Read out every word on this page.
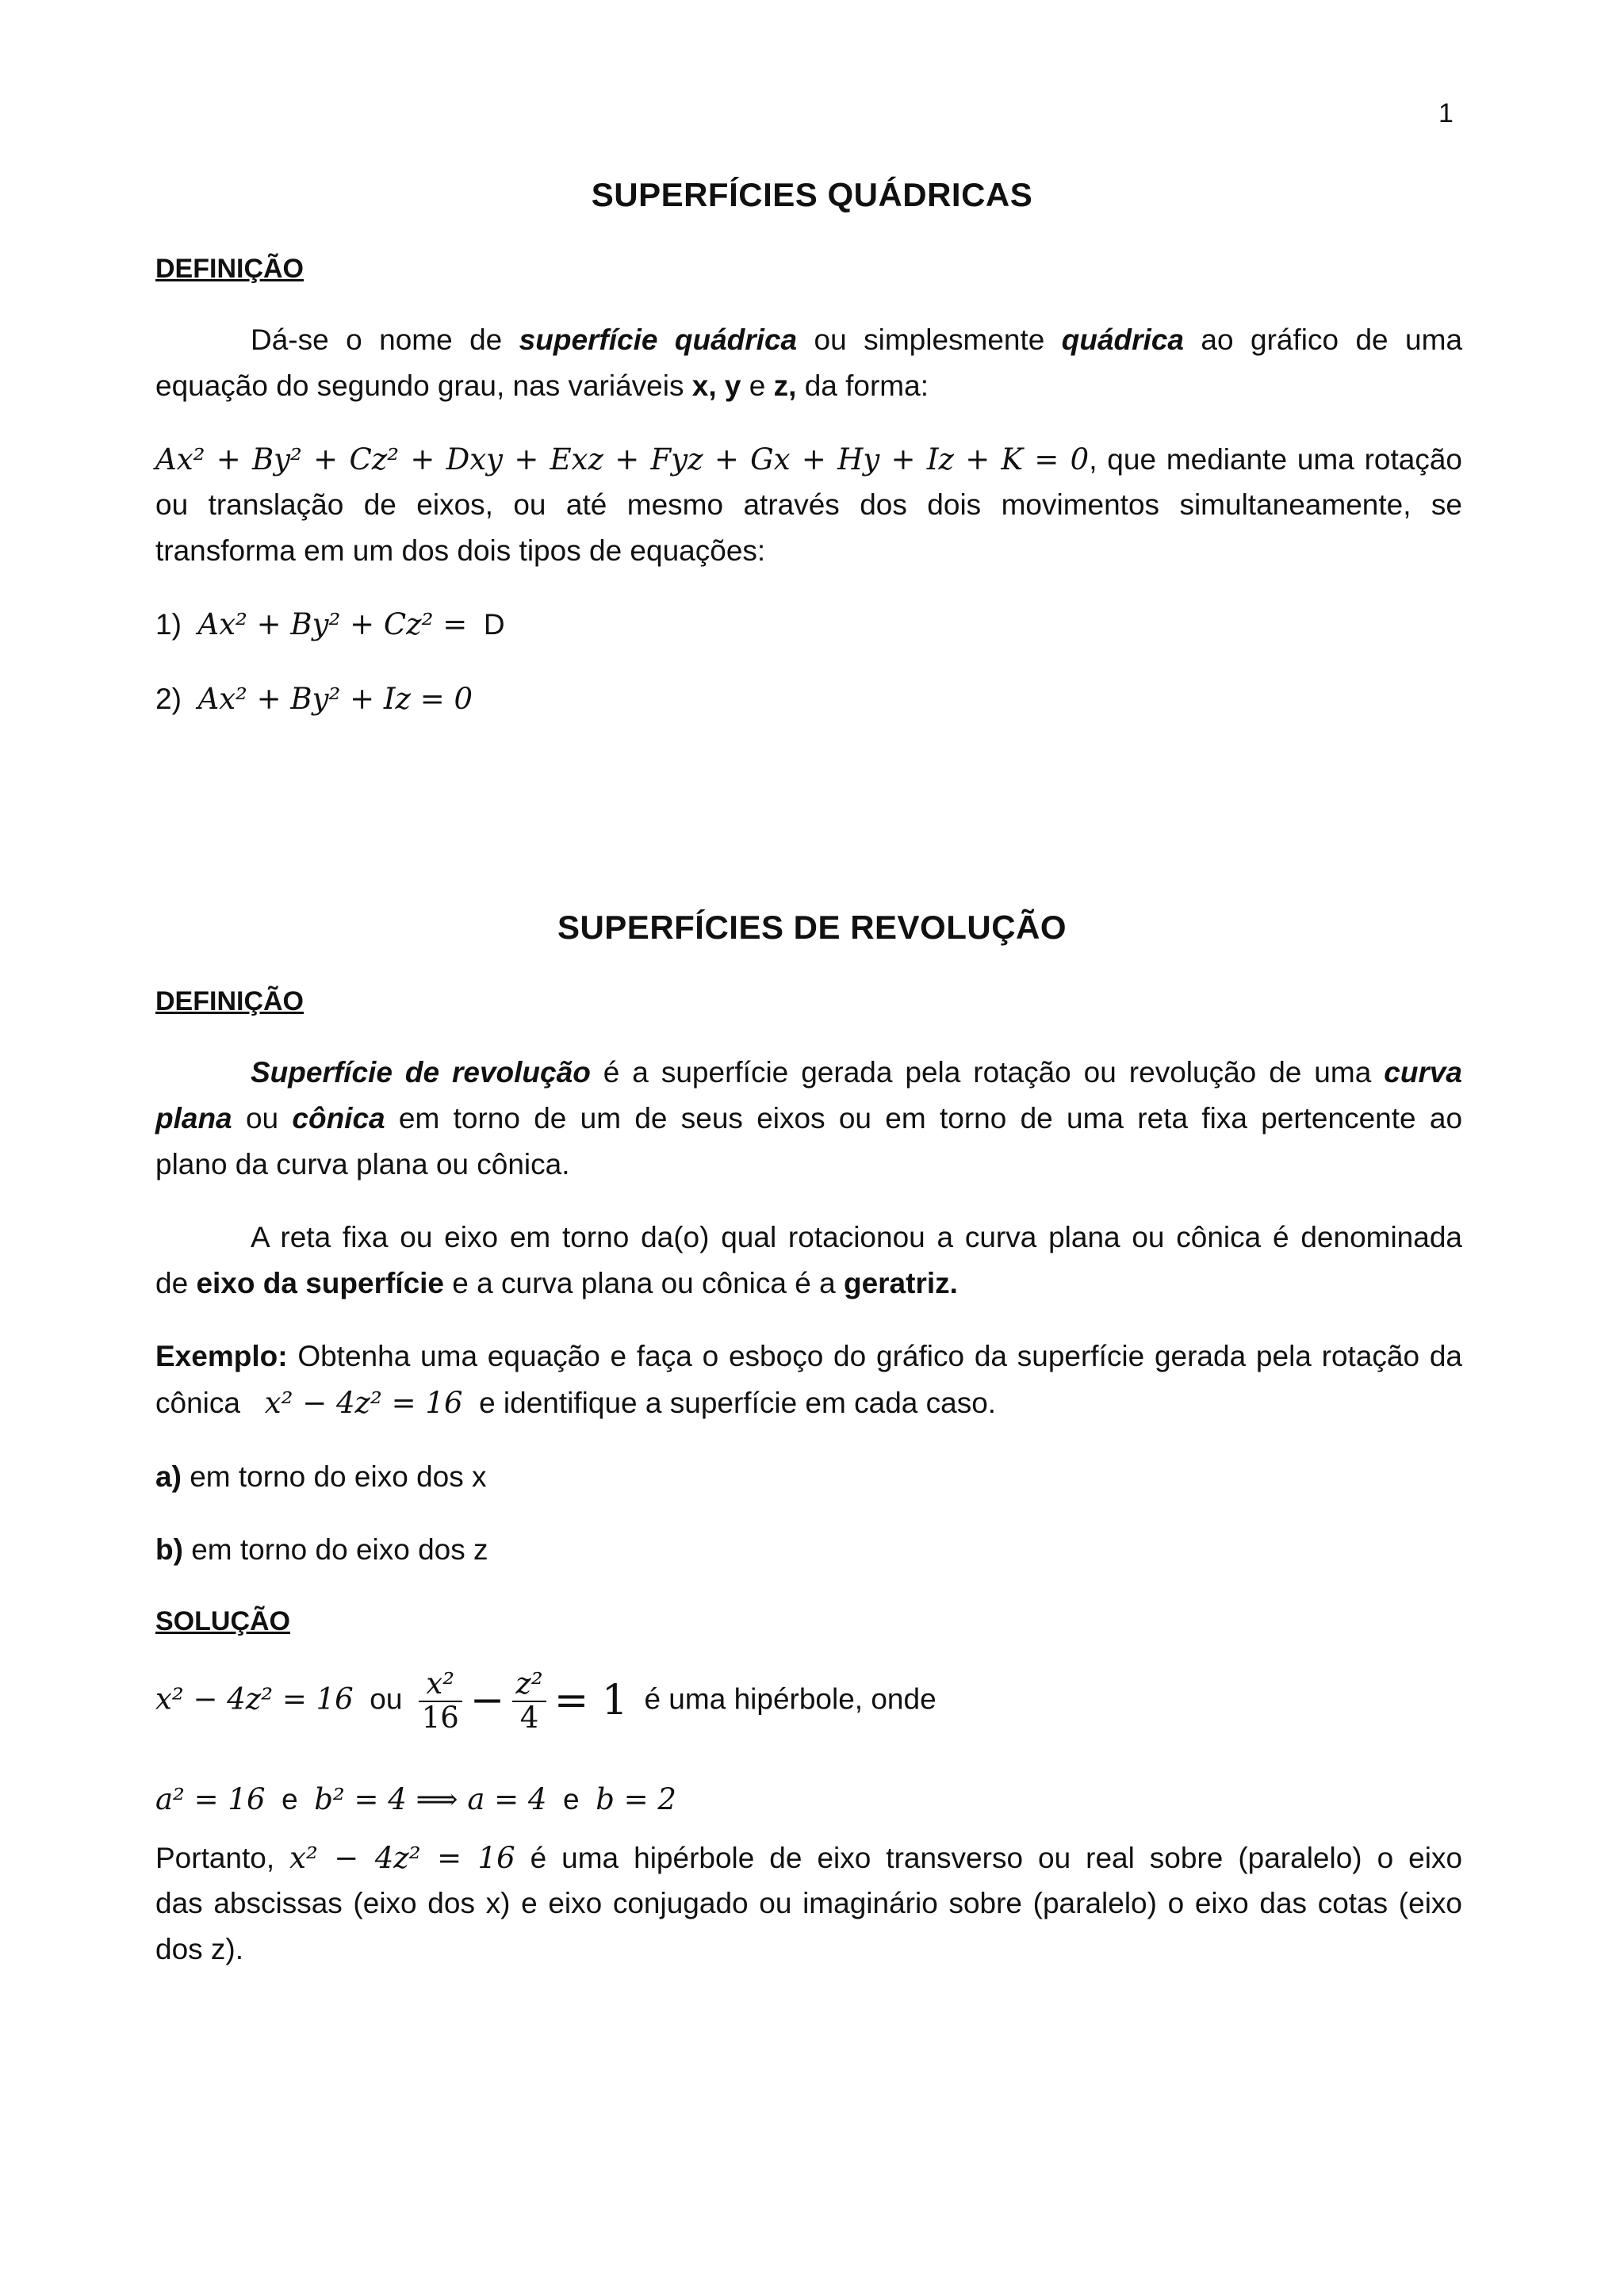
1
SUPERFÍCIES QUÁDRICAS
DEFINIÇÃO
Dá-se o nome de superfície quádrica ou simplesmente quádrica ao gráfico de uma
equação do segundo grau, nas variáveis x, y e z, da forma:
Ax² + By² + Cz² + Dxy + Exz + Fyz + Gx + Hy + Iz + K = 0, que mediante uma rotação
ou translação de eixos, ou até mesmo através dos dois movimentos simultaneamente, se
transforma em um dos dois tipos de equações:
1) Ax² + By² + Cz² = D
2) Ax² + By² + Iz = 0
SUPERFÍCIES DE REVOLUÇÃO
DEFINIÇÃO
Superfície de revolução é a superfície gerada pela rotação ou revolução de uma curva
plana ou cônica em torno de um de seus eixos ou em torno de uma reta fixa pertencente ao
plano da curva plana ou cônica.
A reta fixa ou eixo em torno da(o) qual rotacionou a curva plana ou cônica é denominada
de eixo da superfície e a curva plana ou cônica é a geratriz.
Exemplo: Obtenha uma equação e faça o esboço do gráfico da superfície gerada pela rotação da
cônica x² − 4z² = 16 e identifique a superfície em cada caso.
a) em torno do eixo dos x
b) em torno do eixo dos z
SOLUÇÃO
x² − 4z² = 16 ou $\frac{\text{x²}}{16} - \frac{\text{z²}}{4} = 1$ é uma hipérbole, onde
a² = 16 e b² = 4 ⟹ a = 4 e b = 2
Portanto, x² − 4z² = 16 é uma hipérbole de eixo transverso ou real sobre (paralelo) o eixo
das abscissas (eixo dos x) e eixo conjugado ou imaginário sobre (paralelo) o eixo das cotas (eixo
dos z).
